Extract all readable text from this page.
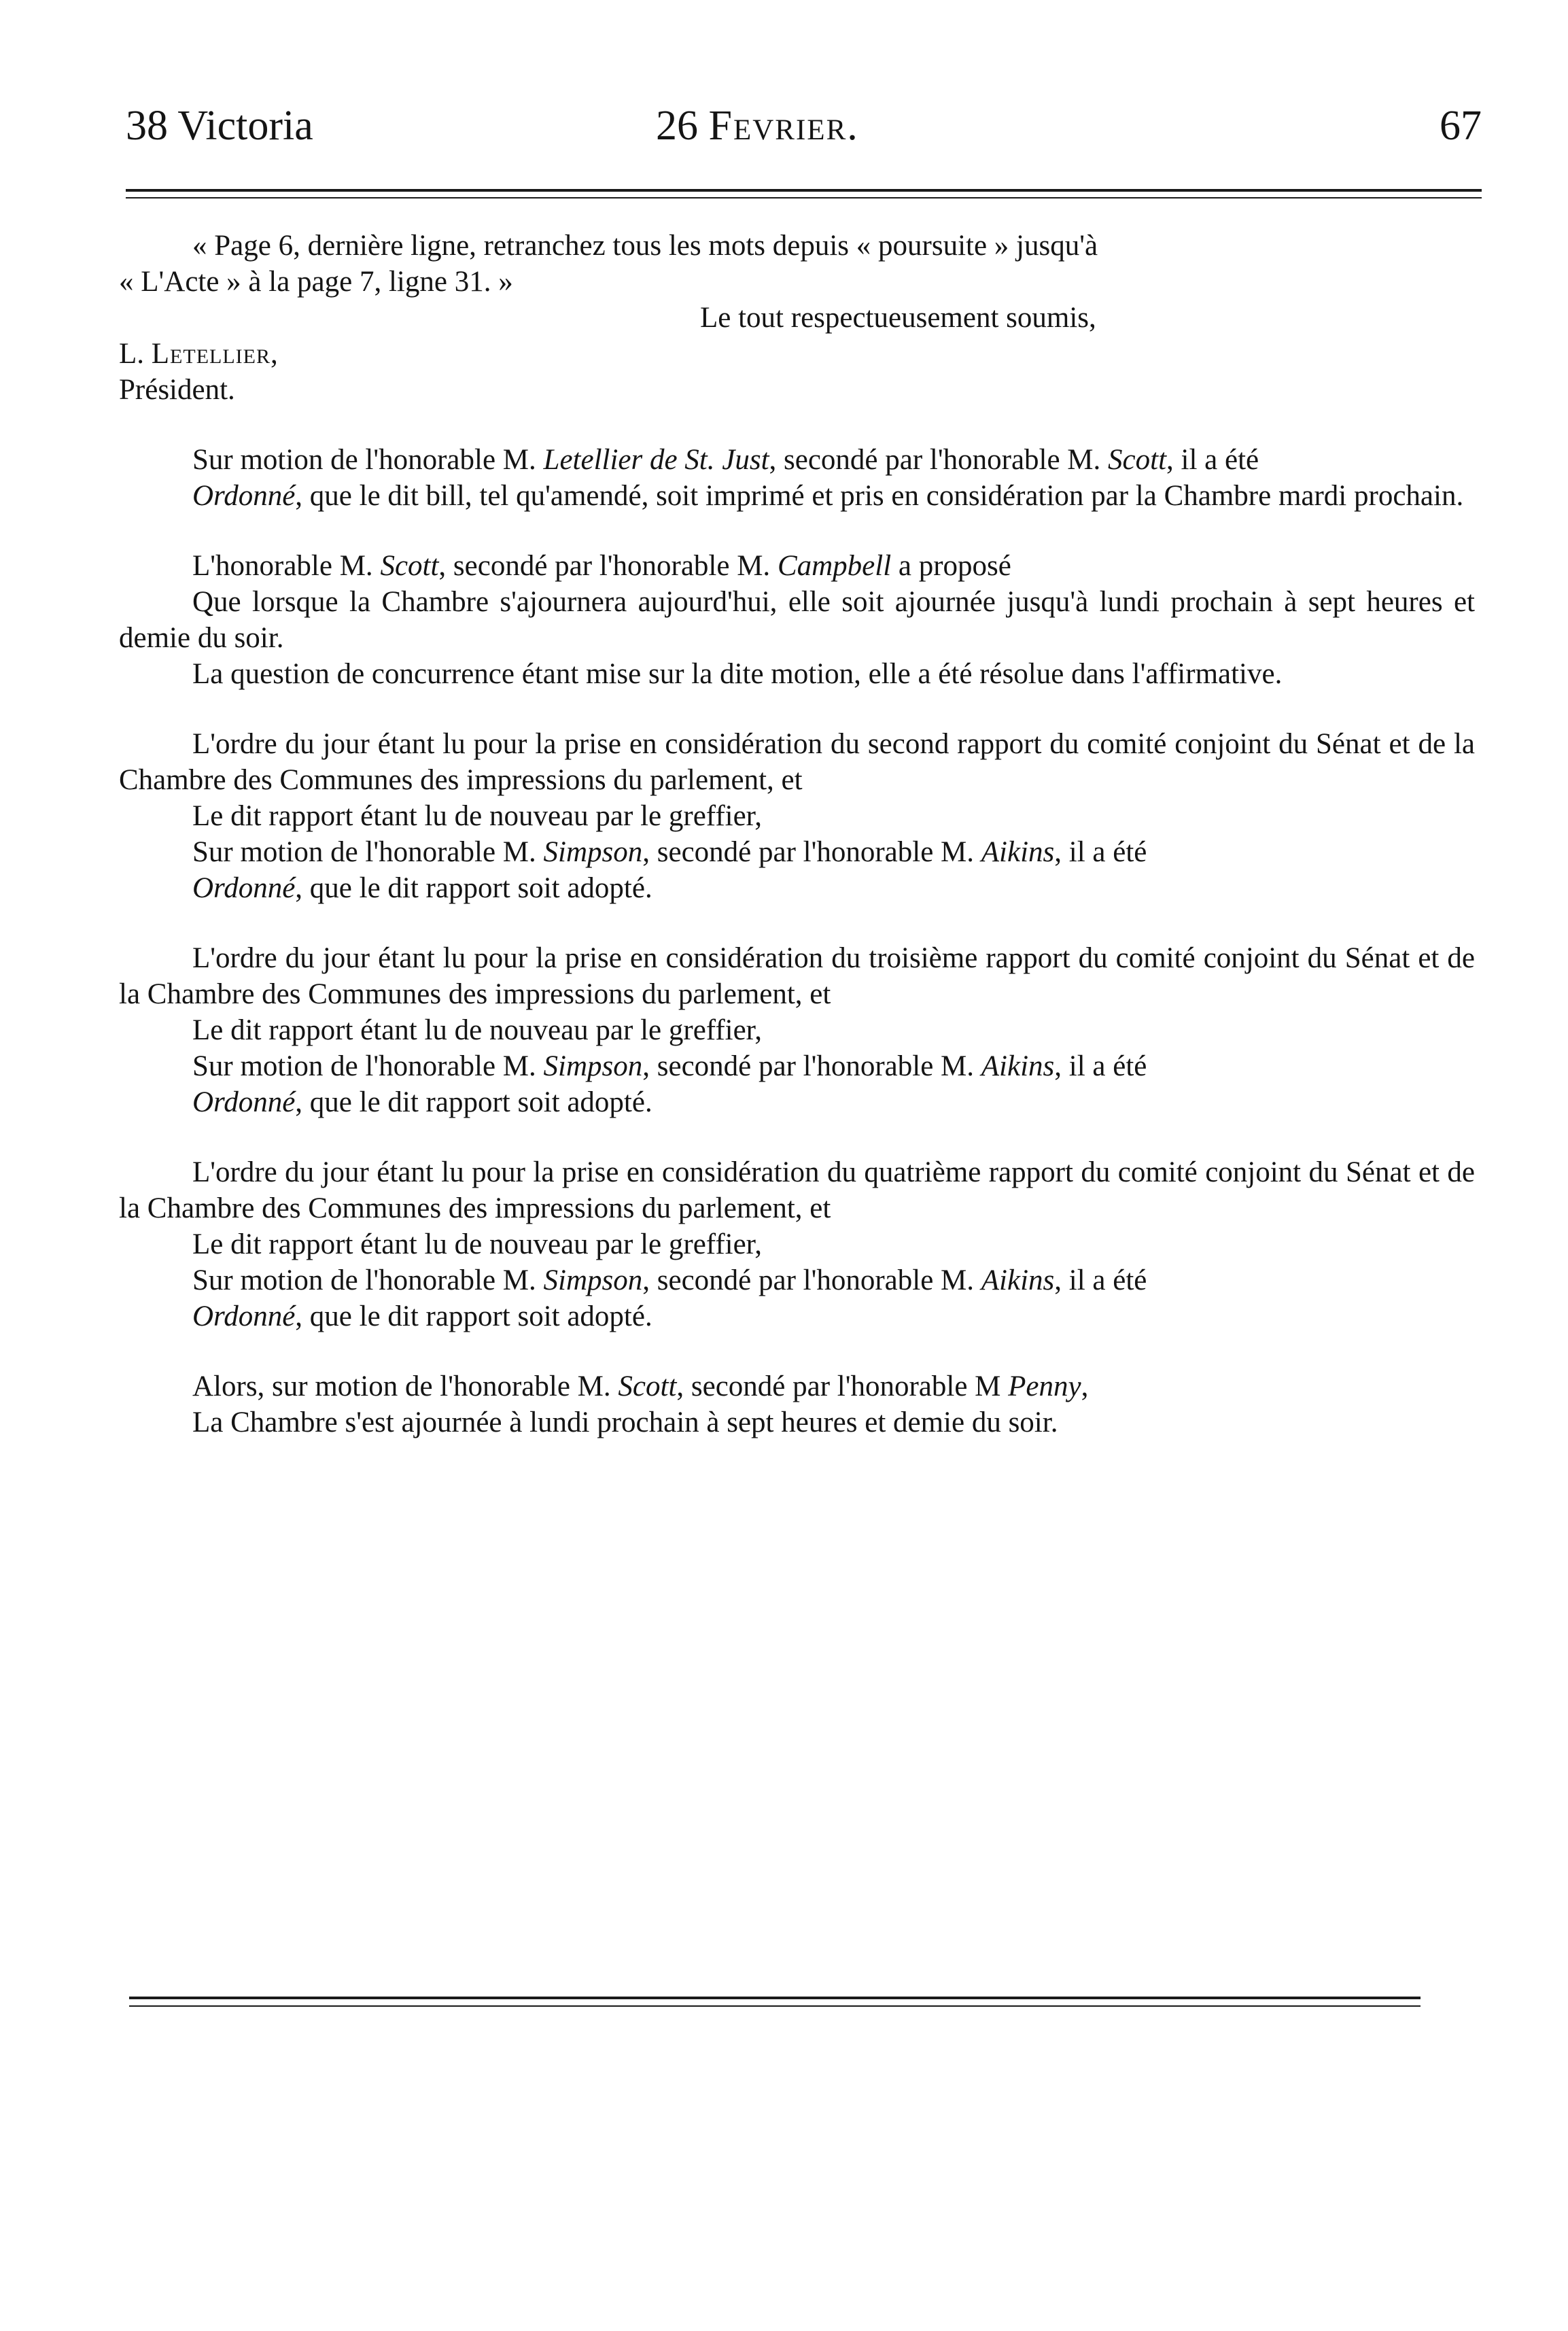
38 Victoria	26 Fevrier.	67

« Page 6, dernière ligne, retranchez tous les mots depuis « poursuite » jusqu'à

« L'Acte » à la page 7, ligne 31. »

Le tout respectueusement soumis,

L. Letellier,

Président.

Sur motion de l'honorable M. Letellier de St. Just, secondé par l'honorable M. Scott, il a été

Ordonné, que le dit bill, tel qu'amendé, soit imprimé et pris en considération par la Chambre mardi prochain.

L'honorable M. Scott, secondé par l'honorable M. Campbell a proposé

Que lorsque la Chambre s'ajournera aujourd'hui, elle soit ajournée jusqu'à lundi prochain à sept heures et demie du soir.

La question de concurrence étant mise sur la dite motion, elle a été résolue dans l'affirmative.

L'ordre du jour étant lu pour la prise en considération du second rapport du comité conjoint du Sénat et de la Chambre des Communes des impressions du parlement, et

Le dit rapport étant lu de nouveau par le greffier,

Sur motion de l'honorable M. Simpson, secondé par l'honorable M. Aikins, il a été

Ordonné, que le dit rapport soit adopté.

L'ordre du jour étant lu pour la prise en considération du troisième rapport du comité conjoint du Sénat et de la Chambre des Communes des impressions du parlement, et

Le dit rapport étant lu de nouveau par le greffier,

Sur motion de l'honorable M. Simpson, secondé par l'honorable M. Aikins, il a été

Ordonné, que le dit rapport soit adopté.

L'ordre du jour étant lu pour la prise en considération du quatrième rapport du comité conjoint du Sénat et de la Chambre des Communes des impressions du parlement, et

Le dit rapport étant lu de nouveau par le greffier,

Sur motion de l'honorable M. Simpson, secondé par l'honorable M. Aikins, il a été

Ordonné, que le dit rapport soit adopté.

Alors, sur motion de l'honorable M. Scott, secondé par l'honorable M Penny,

La Chambre s'est ajournée à lundi prochain à sept heures et demie du soir.
